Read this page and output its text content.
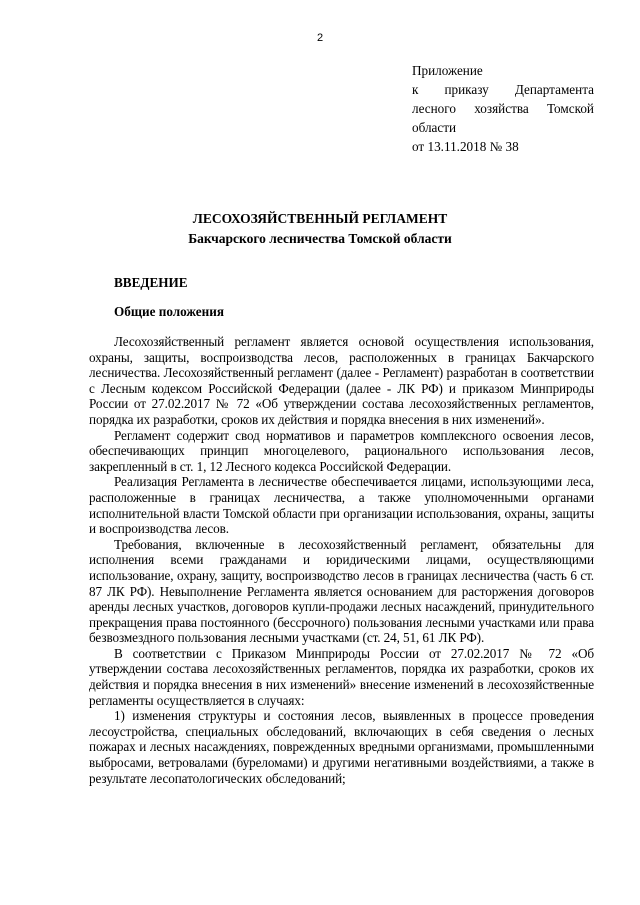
2
Приложение
к приказу Департамента
лесного хозяйства Томской
области
от 13.11.2018 № 38
ЛЕСОХОЗЯЙСТВЕННЫЙ РЕГЛАМЕНТ
Бакчарского лесничества Томской области
ВВЕДЕНИЕ
Общие положения

Лесохозяйственный регламент является основой осуществления использования, охраны, защиты, воспроизводства лесов, расположенных в границах Бакчарского лесничества. Лесохозяйственный регламент (далее - Регламент) разработан в соответствии с Лесным кодексом Российской Федерации (далее - ЛК РФ) и приказом Минприроды России от 27.02.2017 № 72 «Об утверждении состава лесохозяйственных регламентов, порядка их разработки, сроков их действия и порядка внесения в них изменений».

Регламент содержит свод нормативов и параметров комплексного освоения лесов, обеспечивающих принцип многоцелевого, рационального использования лесов, закрепленный в ст. 1, 12 Лесного кодекса Российской Федерации.

Реализация Регламента в лесничестве обеспечивается лицами, использующими леса, расположенные в границах лесничества, а также уполномоченными органами исполнительной власти Томской области при организации использования, охраны, защиты и воспроизводства лесов.

Требования, включенные в лесохозяйственный регламент, обязательны для исполнения всеми гражданами и юридическими лицами, осуществляющими использование, охрану, защиту, воспроизводство лесов в границах лесничества (часть 6 ст. 87 ЛК РФ). Невыполнение Регламента является основанием для расторжения договоров аренды лесных участков, договоров купли-продажи лесных насаждений, принудительного прекращения права постоянного (бессрочного) пользования лесными участками или права безвозмездного пользования лесными участками (ст. 24, 51, 61 ЛК РФ).

В соответствии с Приказом Минприроды России от 27.02.2017 № 72 «Об утверждении состава лесохозяйственных регламентов, порядка их разработки, сроков их действия и порядка внесения в них изменений» внесение изменений в лесохозяйственные регламенты осуществляется в случаях:

1) изменения структуры и состояния лесов, выявленных в процессе проведения лесоустройства, специальных обследований, включающих в себя сведения о лесных пожарах и лесных насаждениях, поврежденных вредными организмами, промышленными выбросами, ветровалами (буреломами) и другими негативными воздействиями, а также в результате лесопатологических обследований;
